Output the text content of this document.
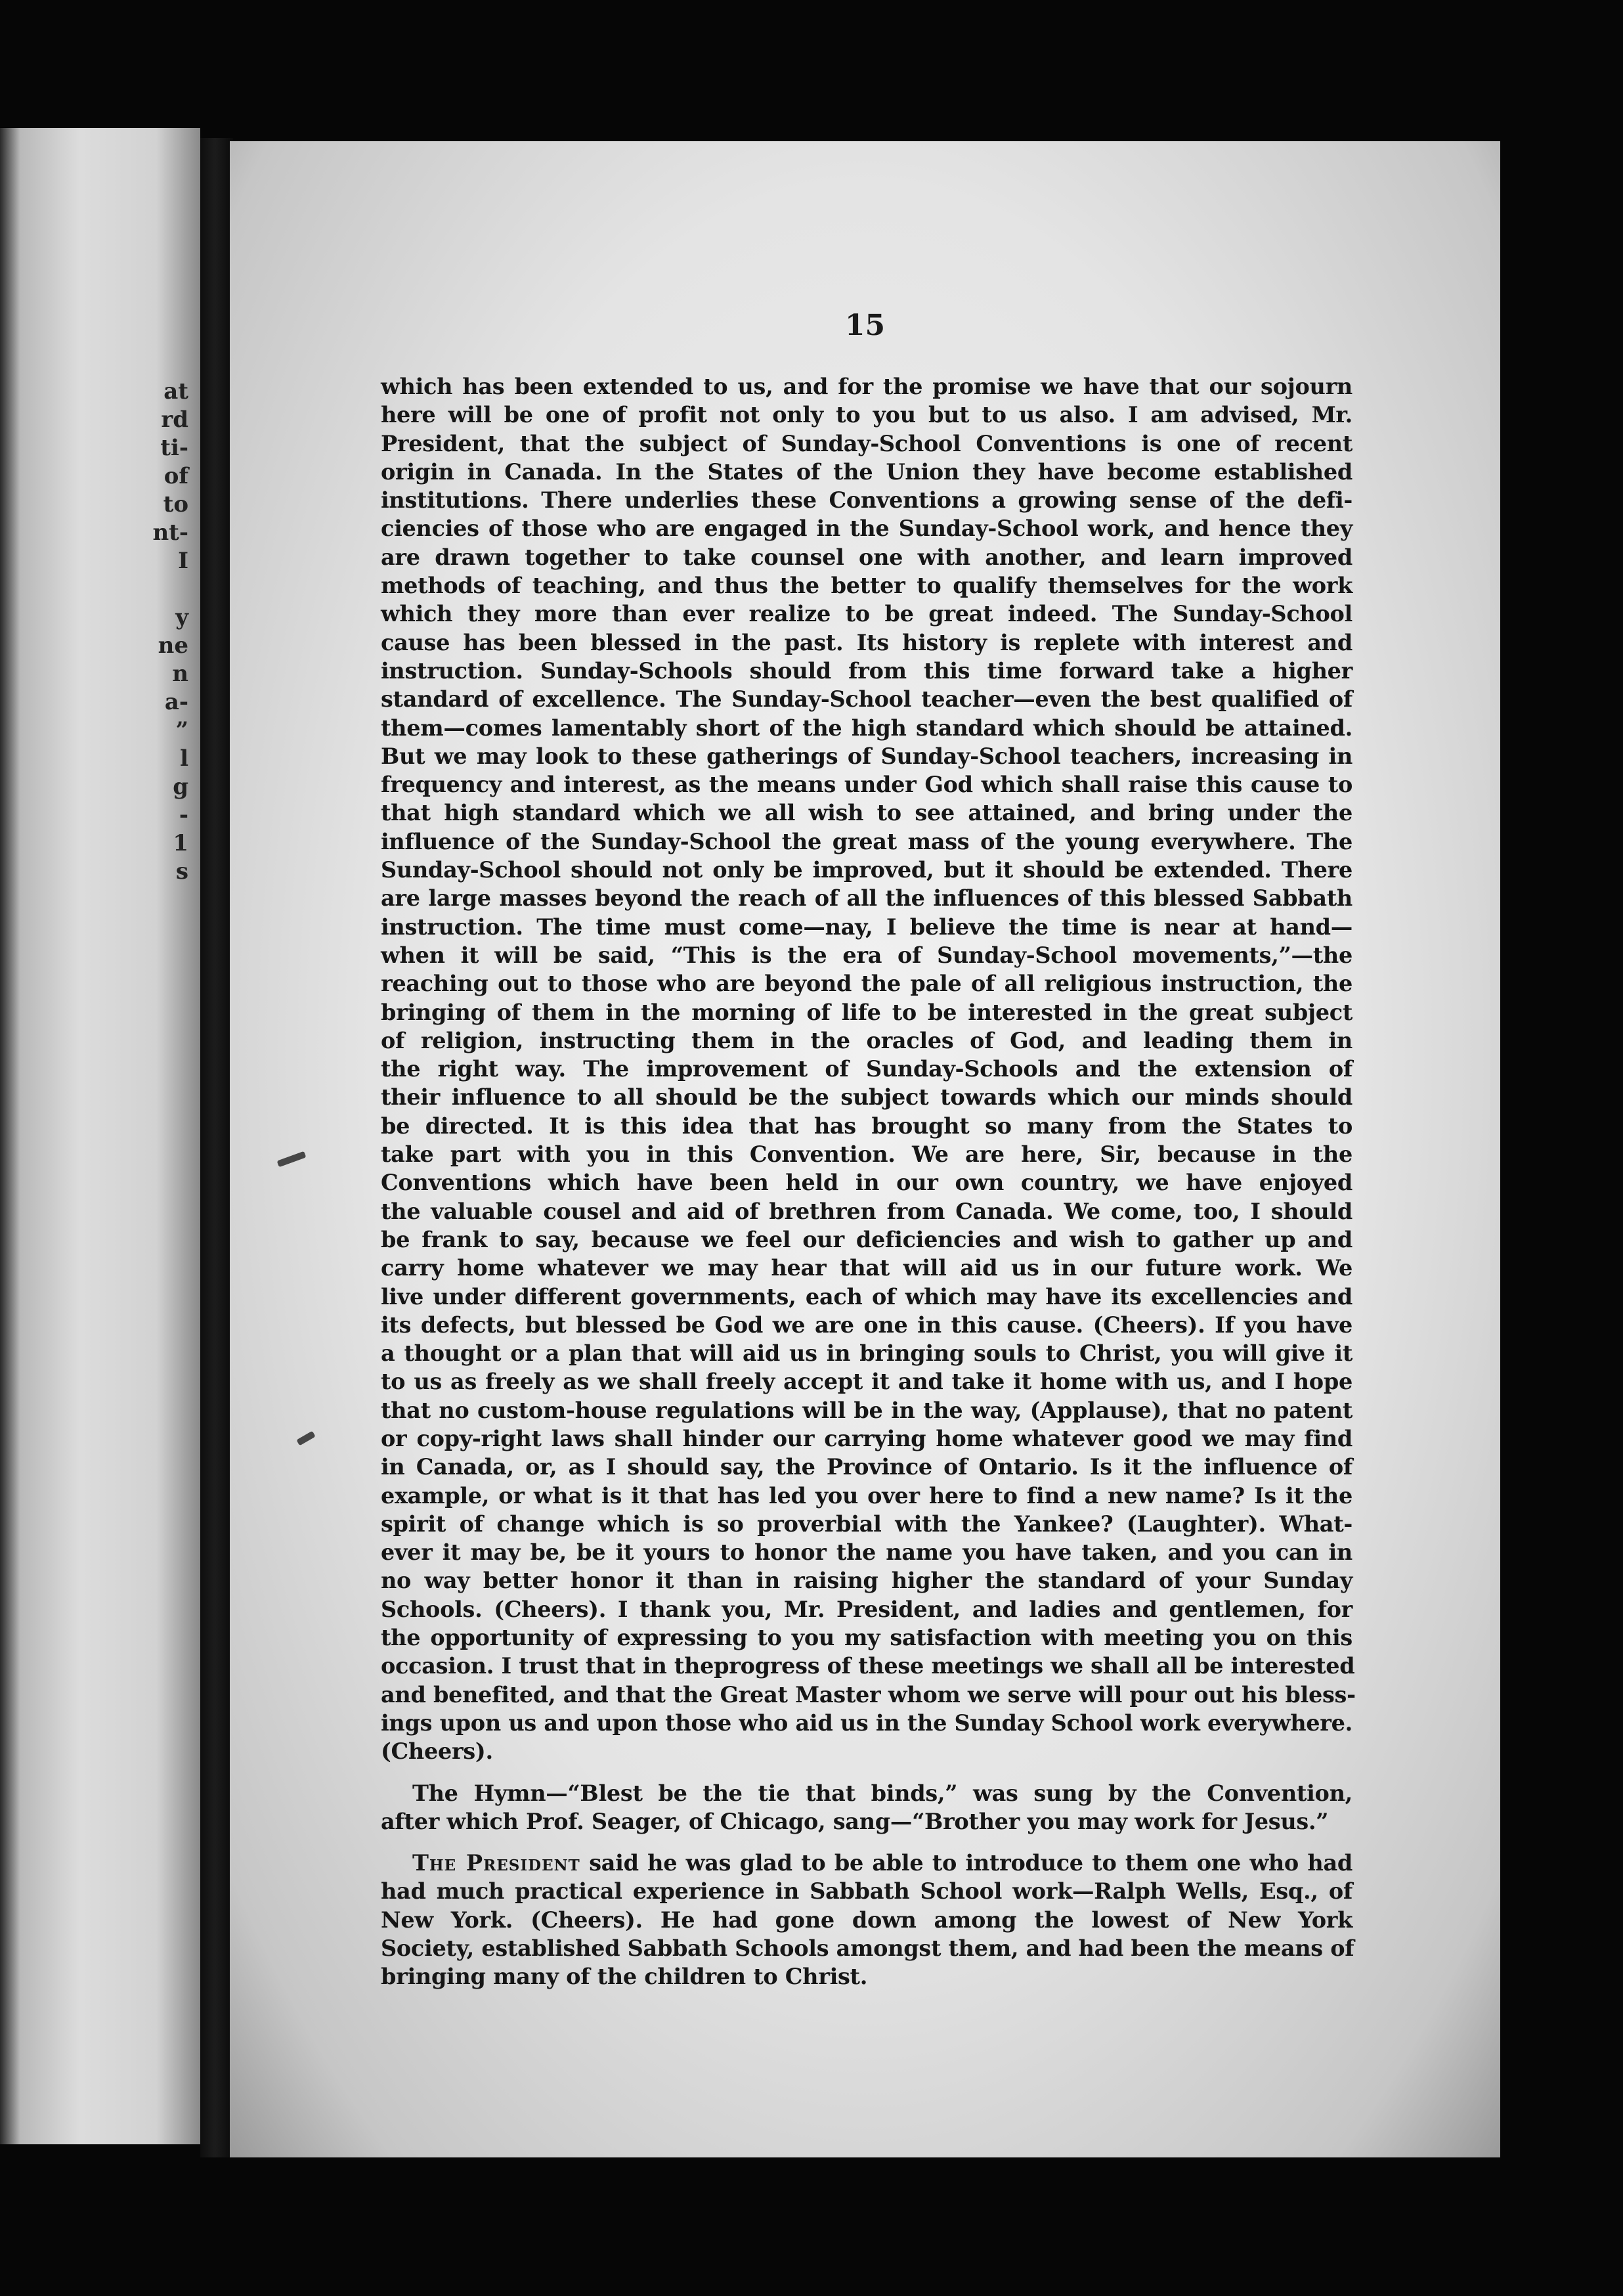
at
rd
ti-
of
to
nt-
I
y
ne
n
a-
”
l
g
-
1
s
15

which has been extended to us, and for the promise we have that our sojourn
here will be one of profit not only to you but to us also. I am advised, Mr.
President, that the subject of Sunday-School Conventions is one of recent
origin in Canada. In the States of the Union they have become established
institutions. There underlies these Conventions a growing sense of the defi-
ciencies of those who are engaged in the Sunday-School work, and hence they
are drawn together to take counsel one with another, and learn improved
methods of teaching, and thus the better to qualify themselves for the work
which they more than ever realize to be great indeed. The Sunday-School
cause has been blessed in the past. Its history is replete with interest and
instruction. Sunday-Schools should from this time forward take a higher
standard of excellence. The Sunday-School teacher—even the best qualified of
them—comes lamentably short of the high standard which should be attained.
But we may look to these gatherings of Sunday-School teachers, increasing in
frequency and interest, as the means under God which shall raise this cause to
that high standard which we all wish to see attained, and bring under the
influence of the Sunday-School the great mass of the young everywhere. The
Sunday-School should not only be improved, but it should be extended. There
are large masses beyond the reach of all the influences of this blessed Sabbath
instruction. The time must come—nay, I believe the time is near at hand—
when it will be said, “This is the era of Sunday-School movements,”—the
reaching out to those who are beyond the pale of all religious instruction, the
bringing of them in the morning of life to be interested in the great subject
of religion, instructing them in the oracles of God, and leading them in
the right way. The improvement of Sunday-Schools and the extension of
their influence to all should be the subject towards which our minds should
be directed. It is this idea that has brought so many from the States to
take part with you in this Convention. We are here, Sir, because in the
Conventions which have been held in our own country, we have enjoyed
the valuable cousel and aid of brethren from Canada. We come, too, I should
be frank to say, because we feel our deficiencies and wish to gather up and
carry home whatever we may hear that will aid us in our future work. We
live under different governments, each of which may have its excellencies and
its defects, but blessed be God we are one in this cause. (Cheers). If you have
a thought or a plan that will aid us in bringing souls to Christ, you will give it
to us as freely as we shall freely accept it and take it home with us, and I hope
that no custom-house regulations will be in the way, (Applause), that no patent
or copy-right laws shall hinder our carrying home whatever good we may find
in Canada, or, as I should say, the Province of Ontario. Is it the influence of
example, or what is it that has led you over here to find a new name? Is it the
spirit of change which is so proverbial with the Yankee? (Laughter). What-
ever it may be, be it yours to honor the name you have taken, and you can in
no way better honor it than in raising higher the standard of your Sunday
Schools. (Cheers). I thank you, Mr. President, and ladies and gentlemen, for
the opportunity of expressing to you my satisfaction with meeting you on this
occasion. I trust that in theprogress of these meetings we shall all be interested
and benefited, and that the Great Master whom we serve will pour out his bless-
ings upon us and upon those who aid us in the Sunday School work everywhere.
(Cheers).

The Hymn—“Blest be the tie that binds,” was sung by the Convention,
after which Prof. Seager, of Chicago, sang—“Brother you may work for Jesus.”

The President said he was glad to be able to introduce to them one who had
had much practical experience in Sabbath School work—Ralph Wells, Esq., of
New York. (Cheers). He had gone down among the lowest of New York
Society, established Sabbath Schools amongst them, and had been the means of
bringing many of the children to Christ.
